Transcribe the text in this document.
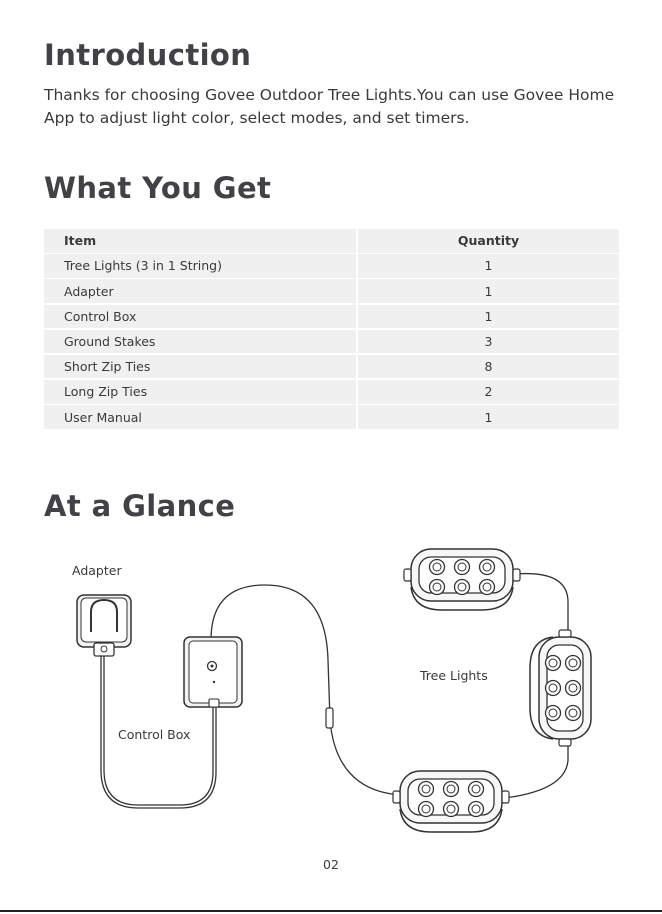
Introduction

Thanks for choosing Govee Outdoor Tree Lights.You can use Govee Home App to adjust light color, select modes, and set timers.

What You Get
Item	Quantity
Tree Lights (3 in 1 String)	1
Adapter	1
Control Box	1
Ground Stakes	3
Short Zip Ties	8
Long Zip Ties	2
User Manual	1
At a Glance
Adapter
Control Box
Tree Lights
02
